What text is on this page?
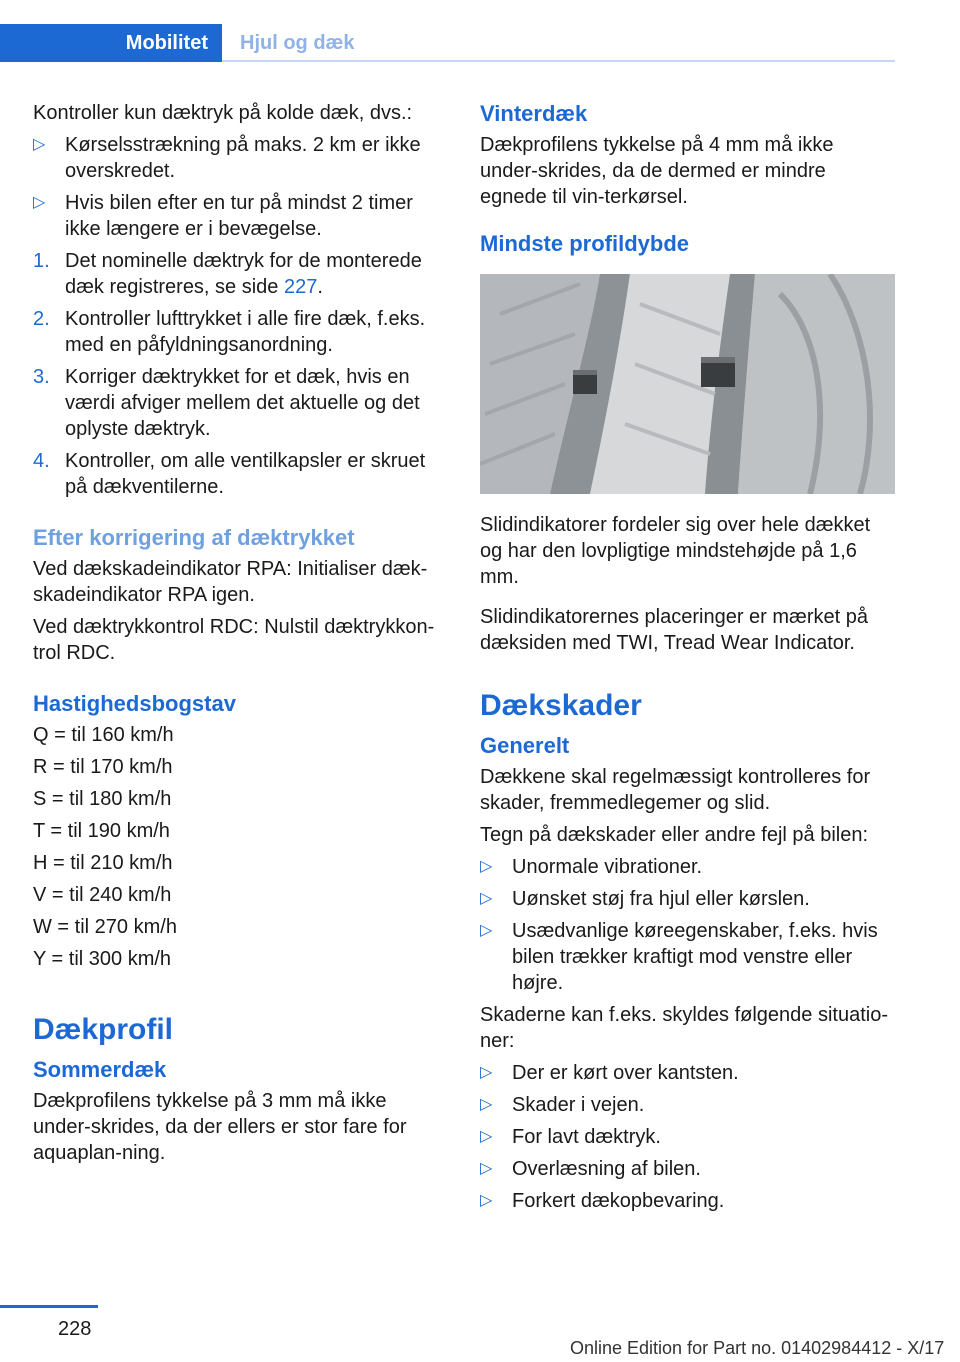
Mobilitet	Hjul og dæk

Kontroller kun dæktryk på kolde dæk, dvs.:

▷ Kørselsstrækning på maks. 2 km er ikke overskredet.
▷ Hvis bilen efter en tur på mindst 2 timer ikke længere er i bevægelse.
1. Det nominelle dæktryk for de monterede dæk registreres, se side 227.
2. Kontroller lufttrykket i alle fire dæk, f.eks. med en påfyldningsanordning.
3. Korriger dæktrykket for et dæk, hvis en værdi afviger mellem det aktuelle og det oplyste dæktryk.
4. Kontroller, om alle ventilkapsler er skruet på dækventilerne.
Efter korrigering af dæktrykket

Ved dækskadeindikator RPA: Initialiser dæk‐skadeindikator RPA igen.

Ved dæktrykkontrol RDC: Nulstil dæktrykkon‐trol RDC.

Hastighedsbogstav

Q = til 160 km/h

R = til 170 km/h

S = til 180 km/h

T = til 190 km/h

H = til 210 km/h

V = til 240 km/h

W = til 270 km/h

Y = til 300 km/h

Dækprofil
Sommerdæk

Dækprofilens tykkelse på 3 mm må ikke under‐skrides, da der ellers er stor fare for aquaplan‐ning.

Vinterdæk

Dækprofilens tykkelse på 4 mm må ikke under‐skrides, da de dermed er mindre egnede til vin‐terkørsel.

Mindste profildybde

Slidindikatorer fordeler sig over hele dækket og har den lovpligtige mindstehøjde på 1,6 mm.

Slidindikatorernes placeringer er mærket på dæksiden med TWI, Tread Wear Indicator.

Dækskader
Generelt

Dækkene skal regelmæssigt kontrolleres for skader, fremmedlegemer og slid.

Tegn på dækskader eller andre fejl på bilen:

▷ Unormale vibrationer.
▷ Uønsket støj fra hjul eller kørslen.
▷ Usædvanlige køreegenskaber, f.eks. hvis bilen trækker kraftigt mod venstre eller højre.

Skaderne kan f.eks. skyldes følgende situatio‐ner:

▷ Der er kørt over kantsten.
▷ Skader i vejen.
▷ For lavt dæktryk.
▷ Overlæsning af bilen.
▷ Forkert dækopbevaring.
228
Online Edition for Part no. 01402984412 - X/17
